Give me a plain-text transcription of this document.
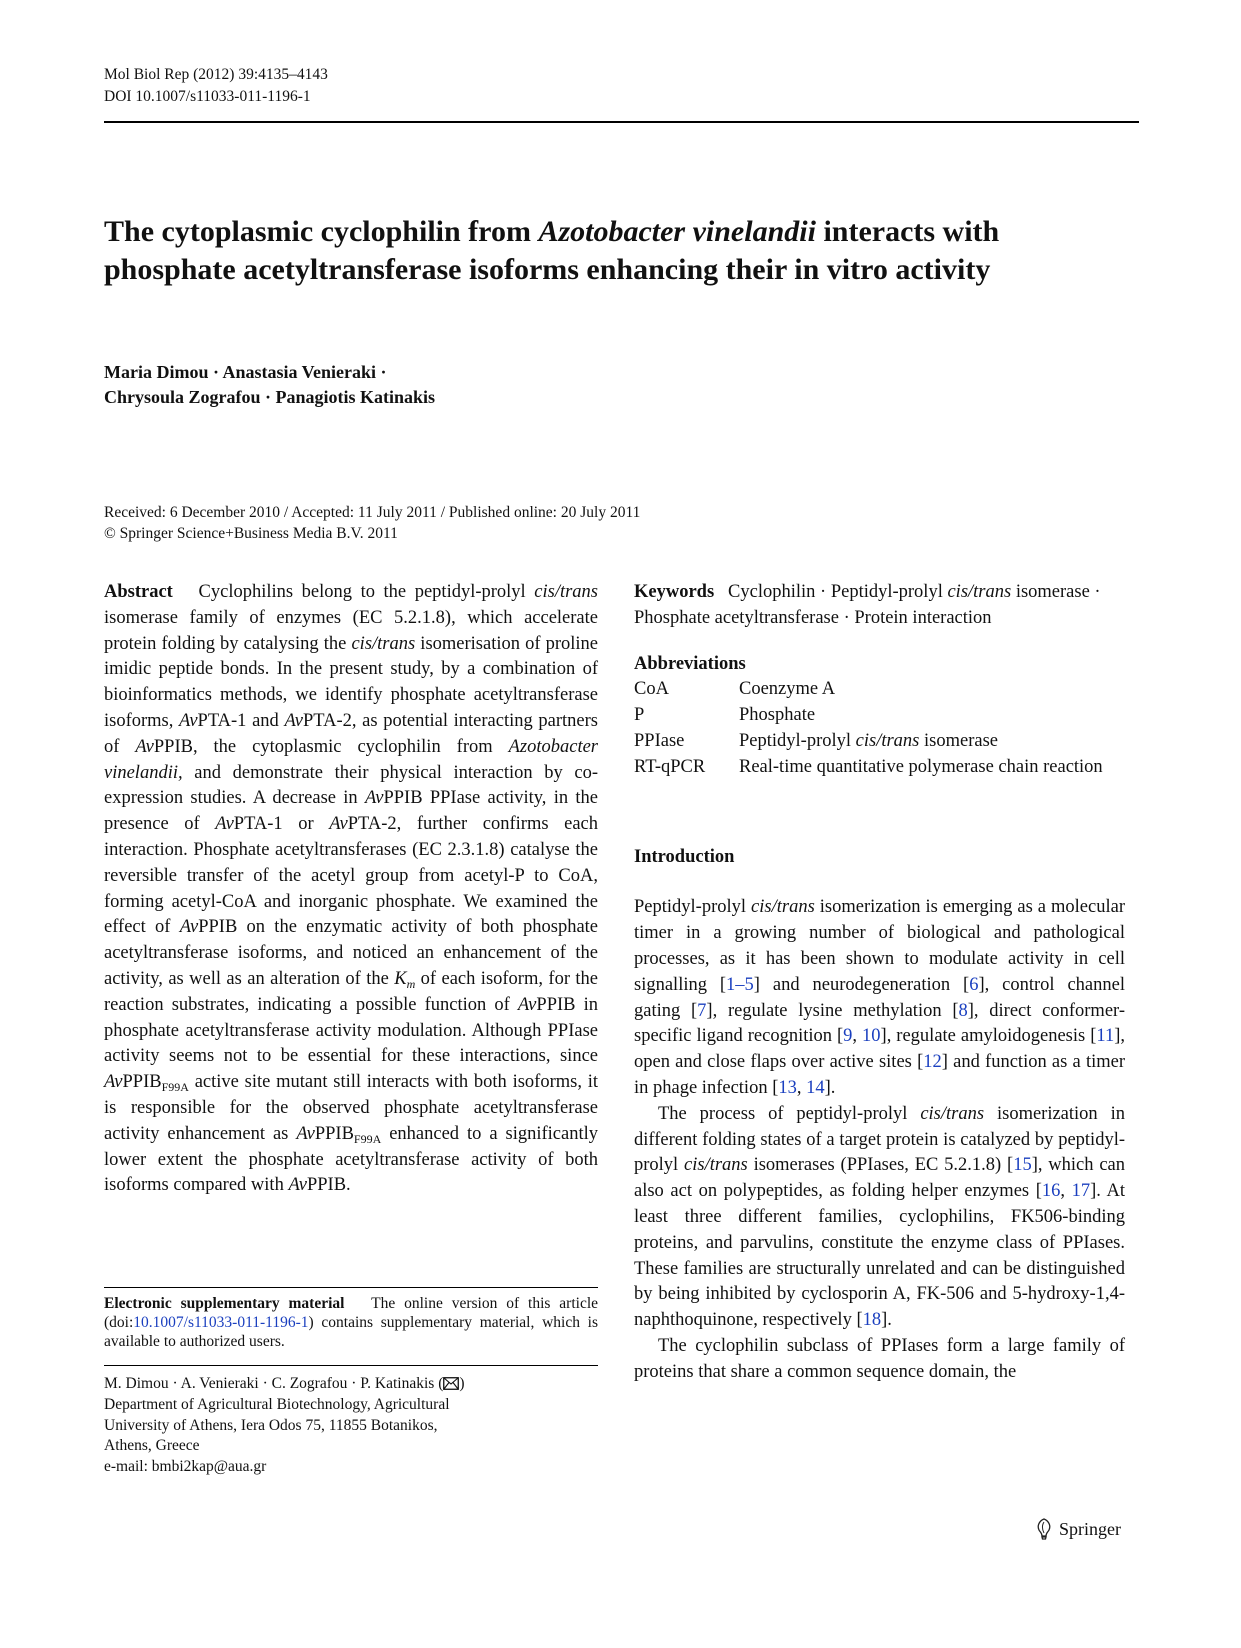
Mol Biol Rep (2012) 39:4135–4143
DOI 10.1007/s11033-011-1196-1
The cytoplasmic cyclophilin from Azotobacter vinelandii interacts with phosphate acetyltransferase isoforms enhancing their in vitro activity
Maria Dimou · Anastasia Venieraki ·
Chrysoula Zografou · Panagiotis Katinakis
Received: 6 December 2010 / Accepted: 11 July 2011 / Published online: 20 July 2011
© Springer Science+Business Media B.V. 2011

Abstract Cyclophilins belong to the peptidyl-prolyl cis/trans isomerase family of enzymes (EC 5.2.1.8), which accelerate protein folding by catalysing the cis/trans isomerisation of proline imidic peptide bonds. In the present study, by a combination of bioinformatics methods, we identify phosphate acetyltransferase isoforms, AvPTA-1 and AvPTA-2, as potential interacting partners of AvPPIB, the cytoplasmic cyclophilin from Azotobacter vinelandii, and demonstrate their physical interaction by co-expression studies. A decrease in AvPPIB PPIase activity, in the presence of AvPTA-1 or AvPTA-2, further confirms each interaction. Phosphate acetyltransferases (EC 2.3.1.8) catalyse the reversible transfer of the acetyl group from acetyl-P to CoA, forming acetyl-CoA and inorganic phosphate. We examined the effect of AvPPIB on the enzymatic activity of both phosphate acetyltransferase isoforms, and noticed an enhancement of the activity, as well as an alteration of the $K_m$ of each isoform, for the reaction substrates, indicating a possible function of AvPPIB in phosphate acetyltransferase activity modulation. Although PPIase activity seems not to be essential for these interactions, since AvPPIB$_{F99A}$ active site mutant still interacts with both isoforms, it is responsible for the observed phosphate acetyltransferase activity enhancement as AvPPIB$_{F99A}$ enhanced to a significantly lower extent the phosphate acetyltransferase activity of both isoforms compared with AvPPIB.

Electronic supplementary material The online version of this article (doi:10.1007/s11033-011-1196-1) contains supplementary material, which is available to authorized users.
M. Dimou · A. Venieraki · C. Zografou · P. Katinakis ( )
Department of Agricultural Biotechnology, Agricultural
University of Athens, Iera Odos 75, 11855 Botanikos,
Athens, Greece
e-mail: bmbi2kap@aua.gr

Keywords Cyclophilin · Peptidyl-prolyl cis/trans isomerase · Phosphate acetyltransferase · Protein interaction

Abbreviations
CoA	Coenzyme A
P	Phosphate
PPIase	Peptidyl-prolyl cis/trans isomerase
RT-qPCR	Real-time quantitative polymerase chain reaction
Introduction

Peptidyl-prolyl cis/trans isomerization is emerging as a molecular timer in a growing number of biological and pathological processes, as it has been shown to modulate activity in cell signalling [1–5] and neurodegeneration [6], control channel gating [7], regulate lysine methylation [8], direct conformer-specific ligand recognition [9, 10], regulate amyloidogenesis [11], open and close flaps over active sites [12] and function as a timer in phage infection [13, 14].

The process of peptidyl-prolyl cis/trans isomerization in different folding states of a target protein is catalyzed by peptidyl-prolyl cis/trans isomerases (PPIases, EC 5.2.1.8) [15], which can also act on polypeptides, as folding helper enzymes [16, 17]. At least three different families, cyclophilins, FK506-binding proteins, and parvulins, constitute the enzyme class of PPIases. These families are structurally unrelated and can be distinguished by being inhibited by cyclosporin A, FK-506 and 5-hydroxy-1,4-naphthoquinone, respectively [18].

The cyclophilin subclass of PPIases form a large family of proteins that share a common sequence domain, the

Springer
